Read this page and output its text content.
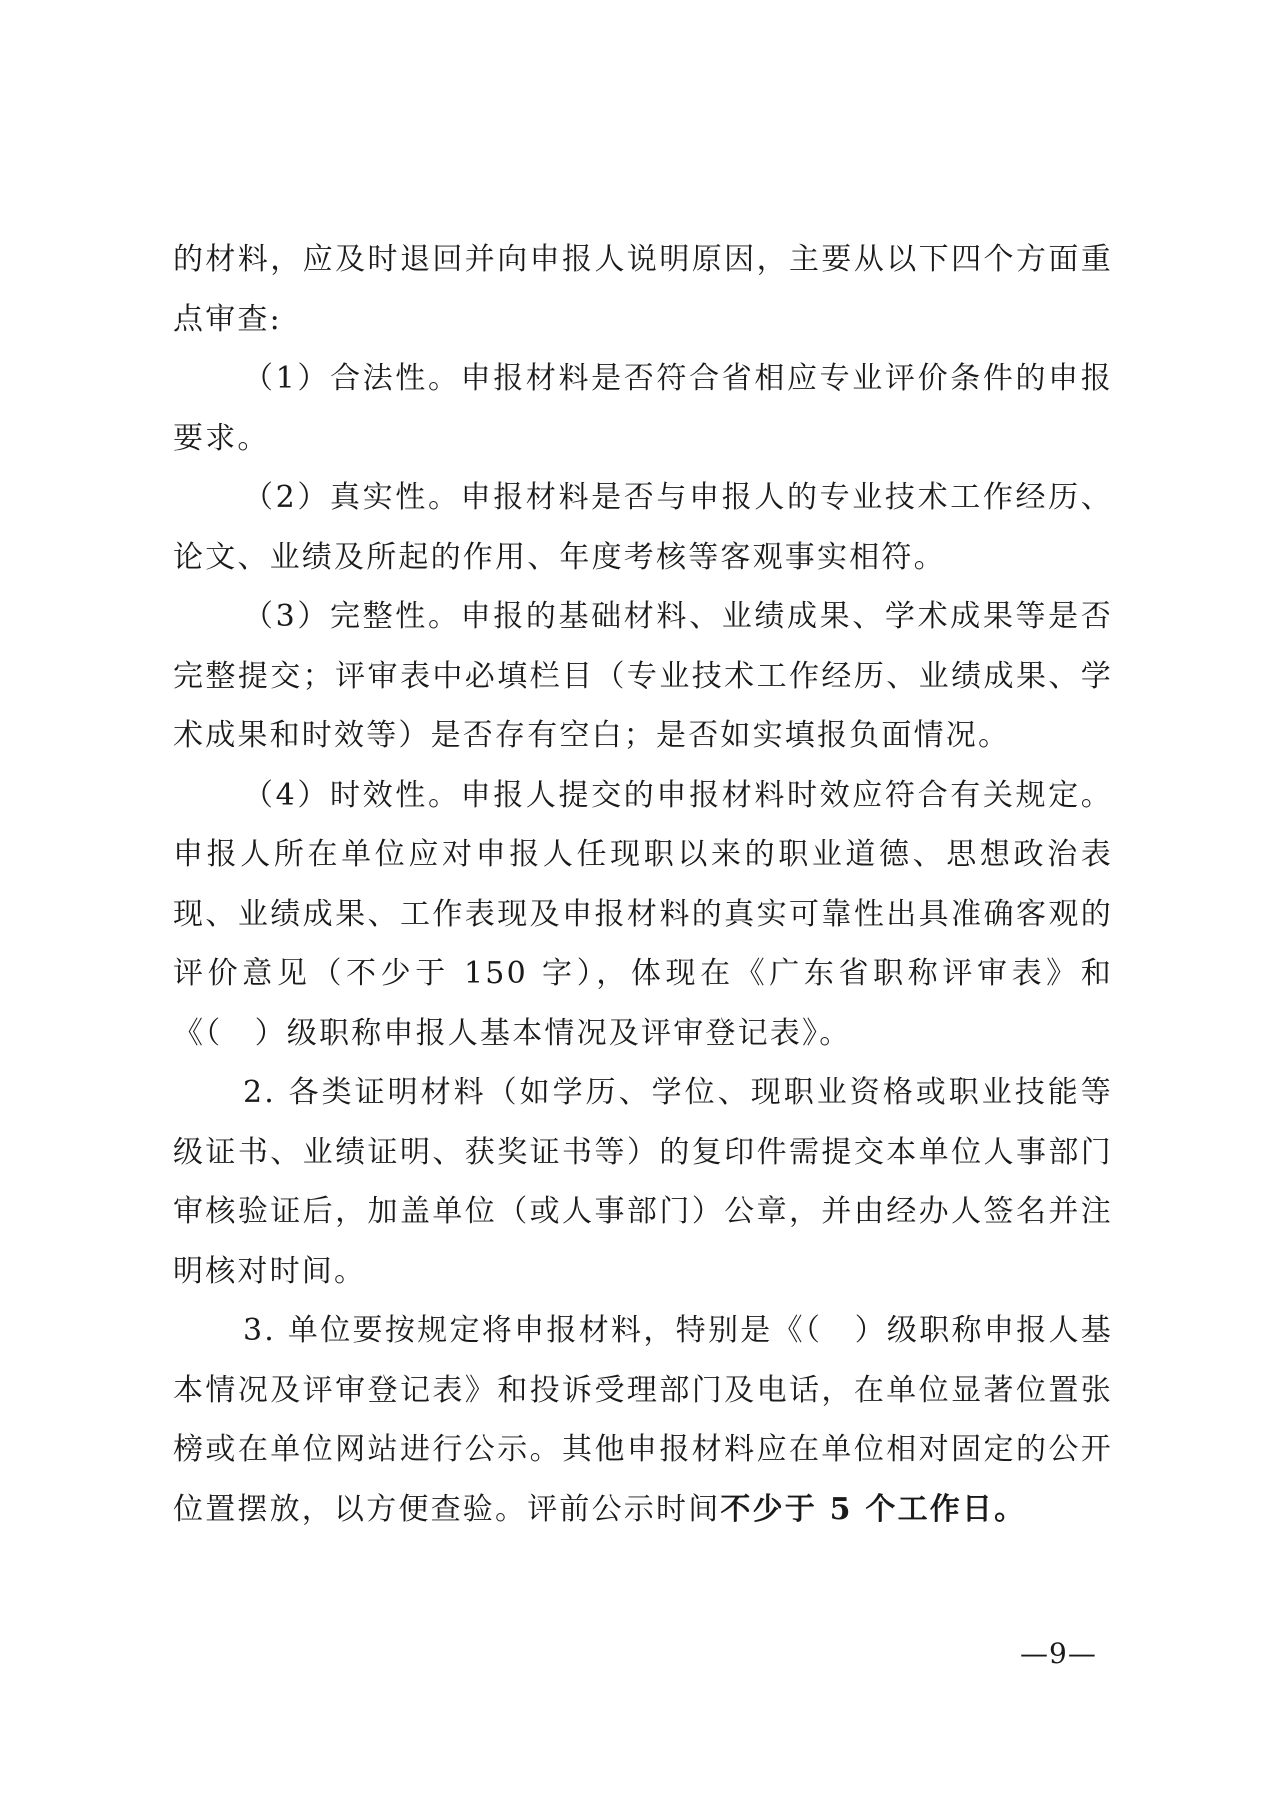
的材料，应及时退回并向申报人说明原因，主要从以下四个方面重点审查:

（1）合法性。申报材料是否符合省相应专业评价条件的申报要求。

（2）真实性。申报材料是否与申报人的专业技术工作经历、论文、业绩及所起的作用、年度考核等客观事实相符。

（3）完整性。申报的基础材料、业绩成果、学术成果等是否完整提交；评审表中必填栏目（专业技术工作经历、业绩成果、学术成果和时效等）是否存有空白；是否如实填报负面情况。

（4）时效性。申报人提交的申报材料时效应符合有关规定。申报人所在单位应对申报人任现职以来的职业道德、思想政治表现、业绩成果、工作表现及申报材料的真实可靠性出具准确客观的评价意见（不少于 150 字），体现在《广东省职称评审表》和《（　）级职称申报人基本情况及评审登记表》。

2. 各类证明材料（如学历、学位、现职业资格或职业技能等级证书、业绩证明、获奖证书等）的复印件需提交本单位人事部门审核验证后，加盖单位（或人事部门）公章，并由经办人签名并注明核对时间。

3. 单位要按规定将申报材料，特别是《（　）级职称申报人基本情况及评审登记表》和投诉受理部门及电话，在单位显著位置张榜或在单位网站进行公示。其他申报材料应在单位相对固定的公开位置摆放，以方便查验。评前公示时间不少于 5 个工作日。

—9—
